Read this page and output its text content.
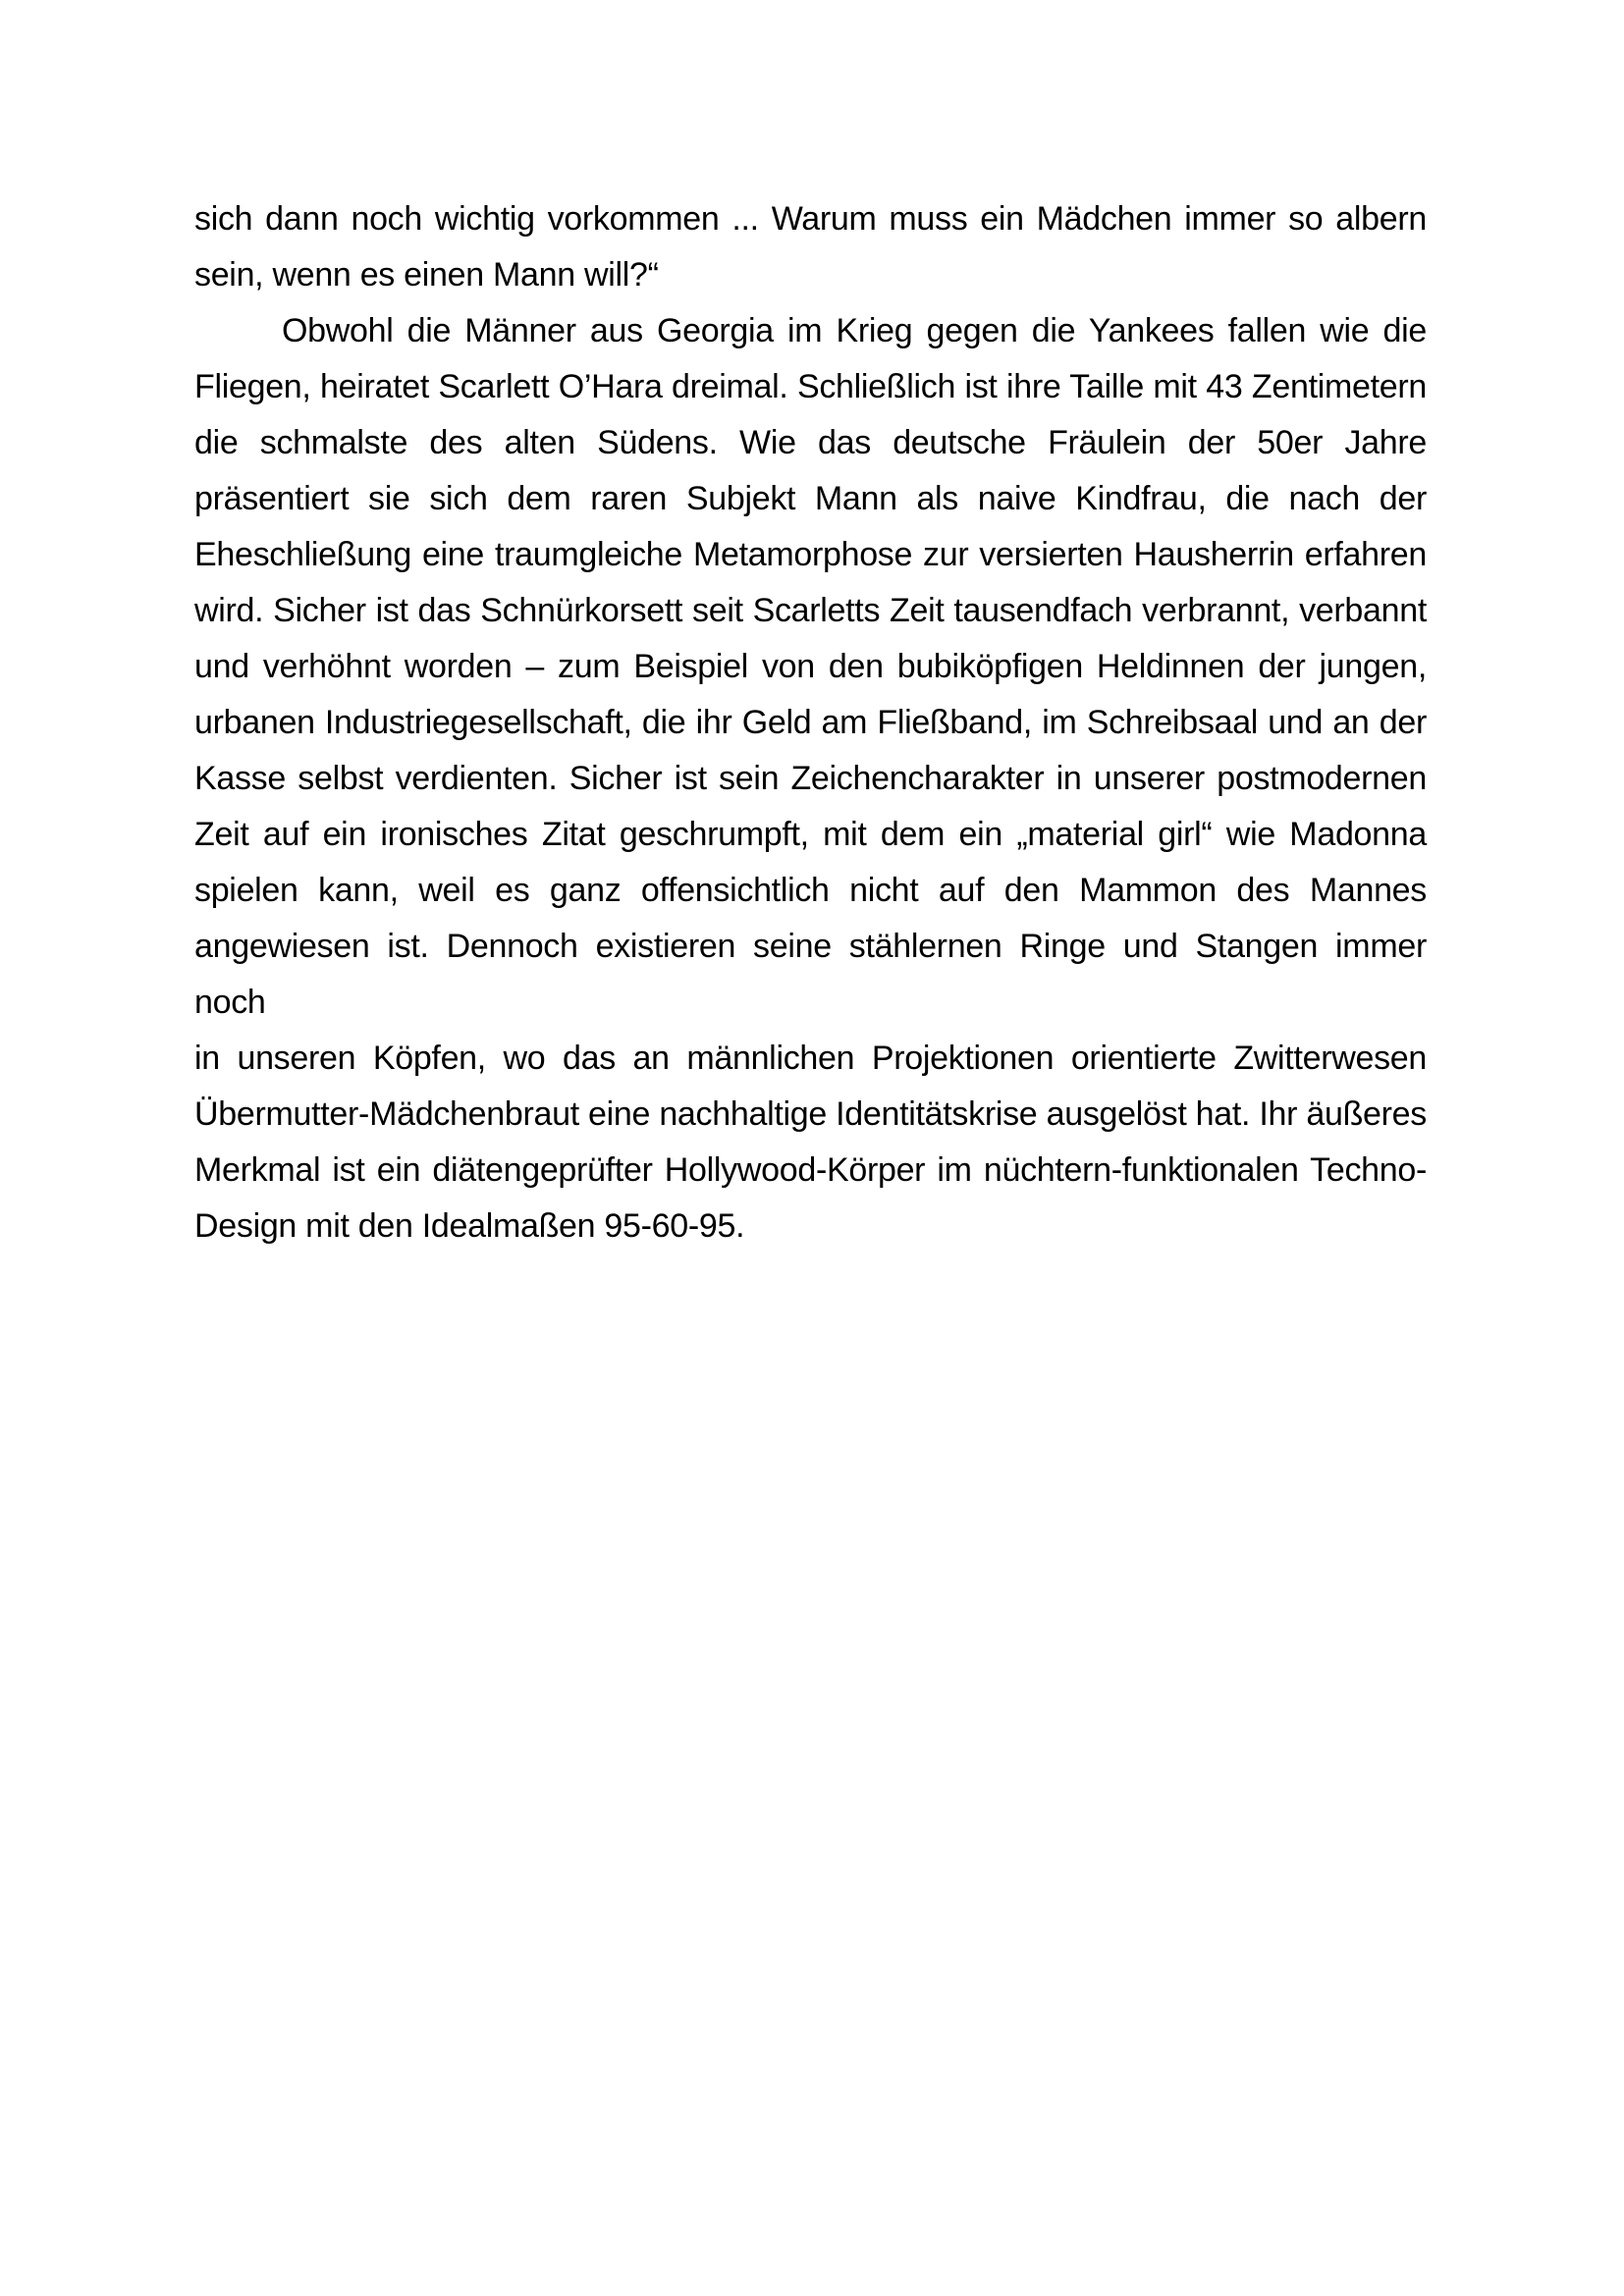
sich dann noch wichtig vorkommen ... Warum muss ein Mädchen immer so albern
sein, wenn es einen Mann will?“
Obwohl die Männer aus Georgia im Krieg gegen die Yankees fallen wie die
Fliegen, heiratet Scarlett O’Hara dreimal. Schließlich ist ihre Taille mit 43 Zentimetern
die schmalste des alten Südens. Wie das deutsche Fräulein der 50er Jahre
präsentiert sie sich dem raren Subjekt Mann als naive Kindfrau, die nach der
Eheschließung eine traumgleiche Metamorphose zur versierten Hausherrin erfahren
wird. Sicher ist das Schnürkorsett seit Scarletts Zeit tausendfach verbrannt, verbannt
und verhöhnt worden – zum Beispiel von den bubiköpfigen Heldinnen der jungen,
urbanen Industriegesellschaft, die ihr Geld am Fließband, im Schreibsaal und an der
Kasse selbst verdienten. Sicher ist sein Zeichencharakter in unserer postmodernen
Zeit auf ein ironisches Zitat geschrumpft, mit dem ein „material girl“ wie Madonna
spielen kann, weil es ganz offensichtlich nicht auf den Mammon des Mannes
angewiesen ist. Dennoch existieren seine stählernen Ringe und Stangen immer noch
in unseren Köpfen, wo das an männlichen Projektionen orientierte Zwitterwesen
Übermutter-Mädchenbraut eine nachhaltige Identitätskrise ausgelöst hat. Ihr äußeres
Merkmal ist ein diätengeprüfter Hollywood-Körper im nüchtern-funktionalen Techno-
Design mit den Idealmaßen 95-60-95.
